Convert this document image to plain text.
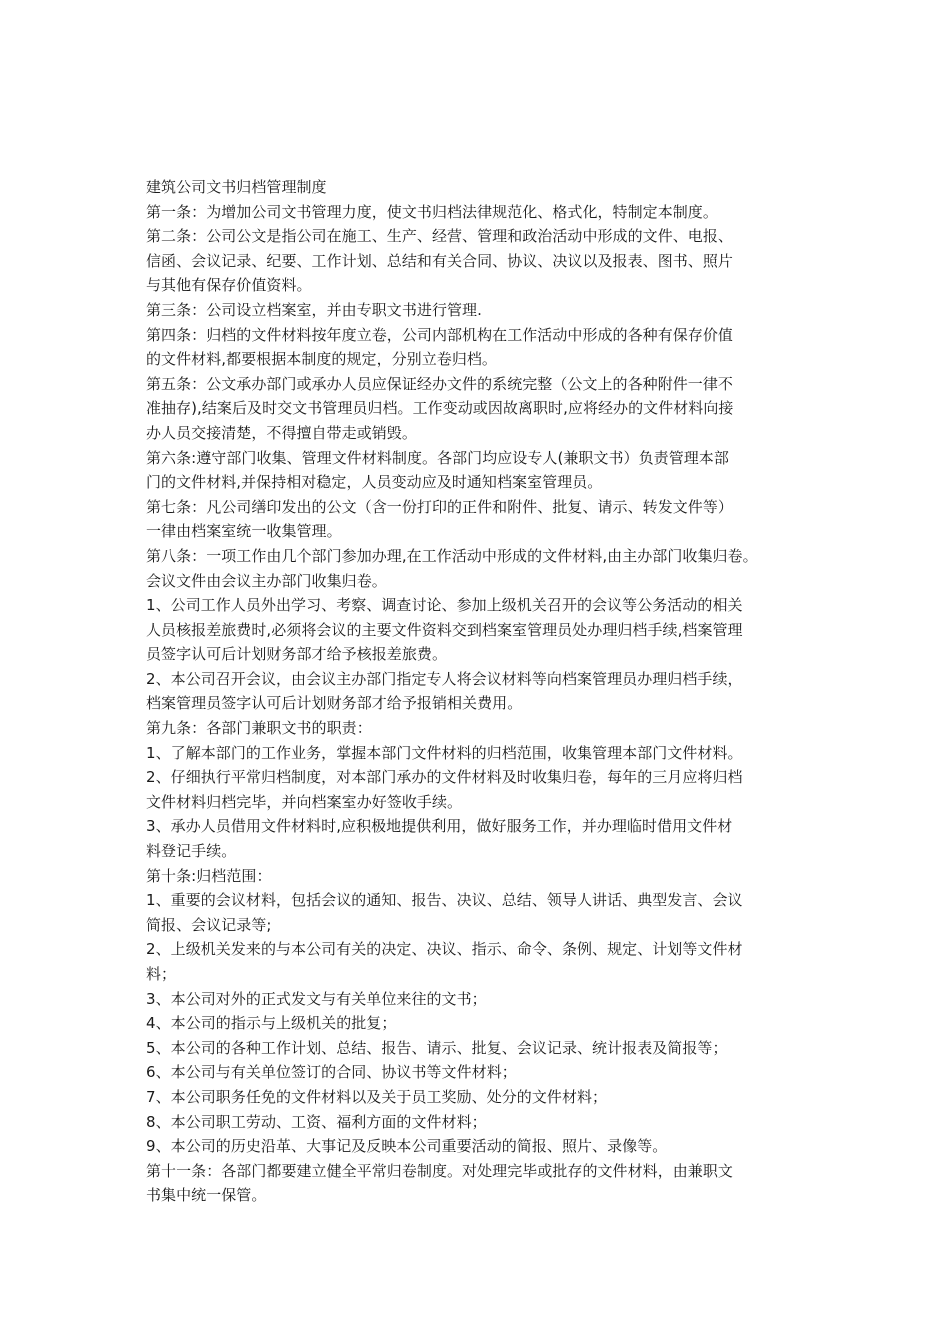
建筑公司文书归档管理制度

第一条：为增加公司文书管理力度，使文书归档法律规范化、格式化，特制定本制度。

第二条：公司公文是指公司在施工、生产、经营、管理和政治活动中形成的文件、电报、
信函、会议记录、纪要、工作计划、总结和有关合同、协议、决议以及报表、图书、照片
与其他有保存价值资料。

第三条：公司设立档案室，并由专职文书进行管理.

第四条：归档的文件材料按年度立卷，公司内部机构在工作活动中形成的各种有保存价值
的文件材料,都要根据本制度的规定，分别立卷归档。

第五条：公文承办部门或承办人员应保证经办文件的系统完整（公文上的各种附件一律不
准抽存),结案后及时交文书管理员归档。工作变动或因故离职时,应将经办的文件材料向接
办人员交接清楚，不得擅自带走或销毁。

第六条:遵守部门收集、管理文件材料制度。各部门均应设专人(兼职文书）负责管理本部
门的文件材料,并保持相对稳定，人员变动应及时通知档案室管理员。

第七条：凡公司缮印发出的公文（含一份打印的正件和附件、批复、请示、转发文件等）
一律由档案室统一收集管理。

第八条：一项工作由几个部门参加办理,在工作活动中形成的文件材料,由主办部门收集归卷。
会议文件由会议主办部门收集归卷。

1、公司工作人员外出学习、考察、调查讨论、参加上级机关召开的会议等公务活动的相关
人员核报差旅费时,必须将会议的主要文件资料交到档案室管理员处办理归档手续,档案管理
员签字认可后计划财务部才给予核报差旅费。

2、本公司召开会议，由会议主办部门指定专人将会议材料等向档案管理员办理归档手续，
档案管理员签字认可后计划财务部才给予报销相关费用。

第九条：各部门兼职文书的职责：

1、了解本部门的工作业务，掌握本部门文件材料的归档范围，收集管理本部门文件材料。

2、仔细执行平常归档制度，对本部门承办的文件材料及时收集归卷，每年的三月应将归档
文件材料归档完毕，并向档案室办好签收手续。

3、承办人员借用文件材料时,应积极地提供利用，做好服务工作，并办理临时借用文件材
料登记手续。

第十条:归档范围：

1、重要的会议材料，包括会议的通知、报告、决议、总结、领导人讲话、典型发言、会议
简报、会议记录等;

2、上级机关发来的与本公司有关的决定、决议、指示、命令、条例、规定、计划等文件材
料；

3、本公司对外的正式发文与有关单位来往的文书；

4、本公司的指示与上级机关的批复；

5、本公司的各种工作计划、总结、报告、请示、批复、会议记录、统计报表及简报等；

6、本公司与有关单位签订的合同、协议书等文件材料；

7、本公司职务任免的文件材料以及关于员工奖励、处分的文件材料；

8、本公司职工劳动、工资、福利方面的文件材料；

9、本公司的历史沿革、大事记及反映本公司重要活动的简报、照片、录像等。

第十一条：各部门都要建立健全平常归卷制度。对处理完毕或批存的文件材料，由兼职文
书集中统一保管。
